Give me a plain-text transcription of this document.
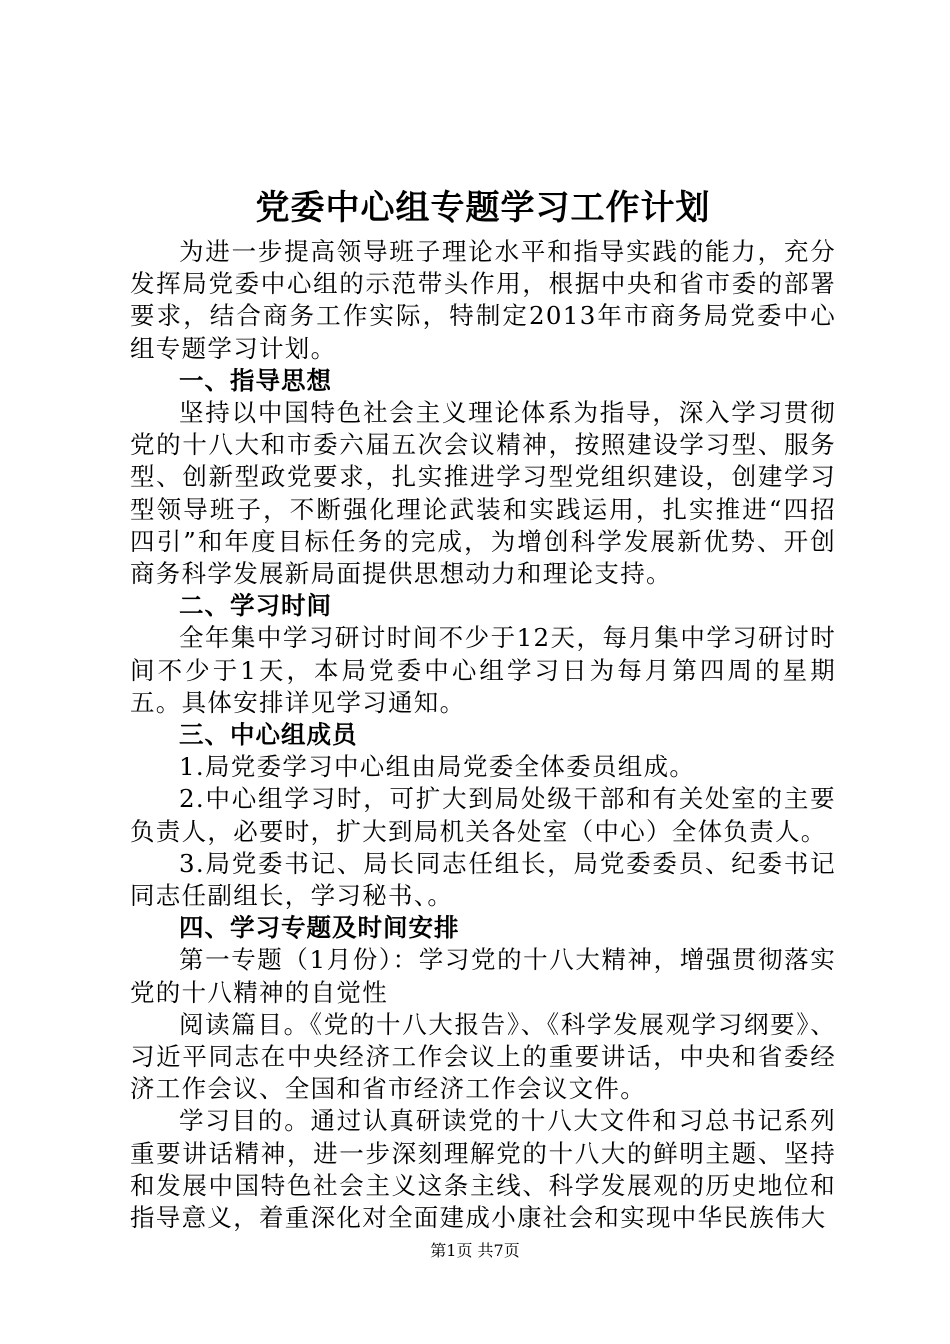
党委中心组专题学习工作计划

为进一步提高领导班子理论水平和指导实践的能力，充分发挥局党委中心组的示范带头作用，根据中央和省市委的部署要求，结合商务工作实际，特制定2013年市商务局党委中心组专题学习计划。

一、指导思想

坚持以中国特色社会主义理论体系为指导，深入学习贯彻党的十八大和市委六届五次会议精神，按照建设学习型、服务型、创新型政党要求，扎实推进学习型党组织建设，创建学习型领导班子，不断强化理论武装和实践运用，扎实推进“四招四引”和年度目标任务的完成，为增创科学发展新优势、开创商务科学发展新局面提供思想动力和理论支持。

二、学习时间

全年集中学习研讨时间不少于12天，每月集中学习研讨时间不少于1天，本局党委中心组学习日为每月第四周的星期五。具体安排详见学习通知。

三、中心组成员

1.局党委学习中心组由局党委全体委员组成。

2.中心组学习时，可扩大到局处级干部和有关处室的主要负责人，必要时，扩大到局机关各处室（中心）全体负责人。

3.局党委书记、局长同志任组长，局党委委员、纪委书记同志任副组长，学习秘书、。

四、学习专题及时间安排

第一专题（1月份）：学习党的十八大精神，增强贯彻落实党的十八精神的自觉性

阅读篇目。《党的十八大报告》、《科学发展观学习纲要》、习近平同志在中央经济工作会议上的重要讲话，中央和省委经济工作会议、全国和省市经济工作会议文件。

学习目的。通过认真研读党的十八大文件和习总书记系列重要讲话精神，进一步深刻理解党的十八大的鲜明主题、坚持和发展中国特色社会主义这条主线、科学发展观的历史地位和指导意义，着重深化对全面建成小康社会和实现中华民族伟大

第1页 共7页
